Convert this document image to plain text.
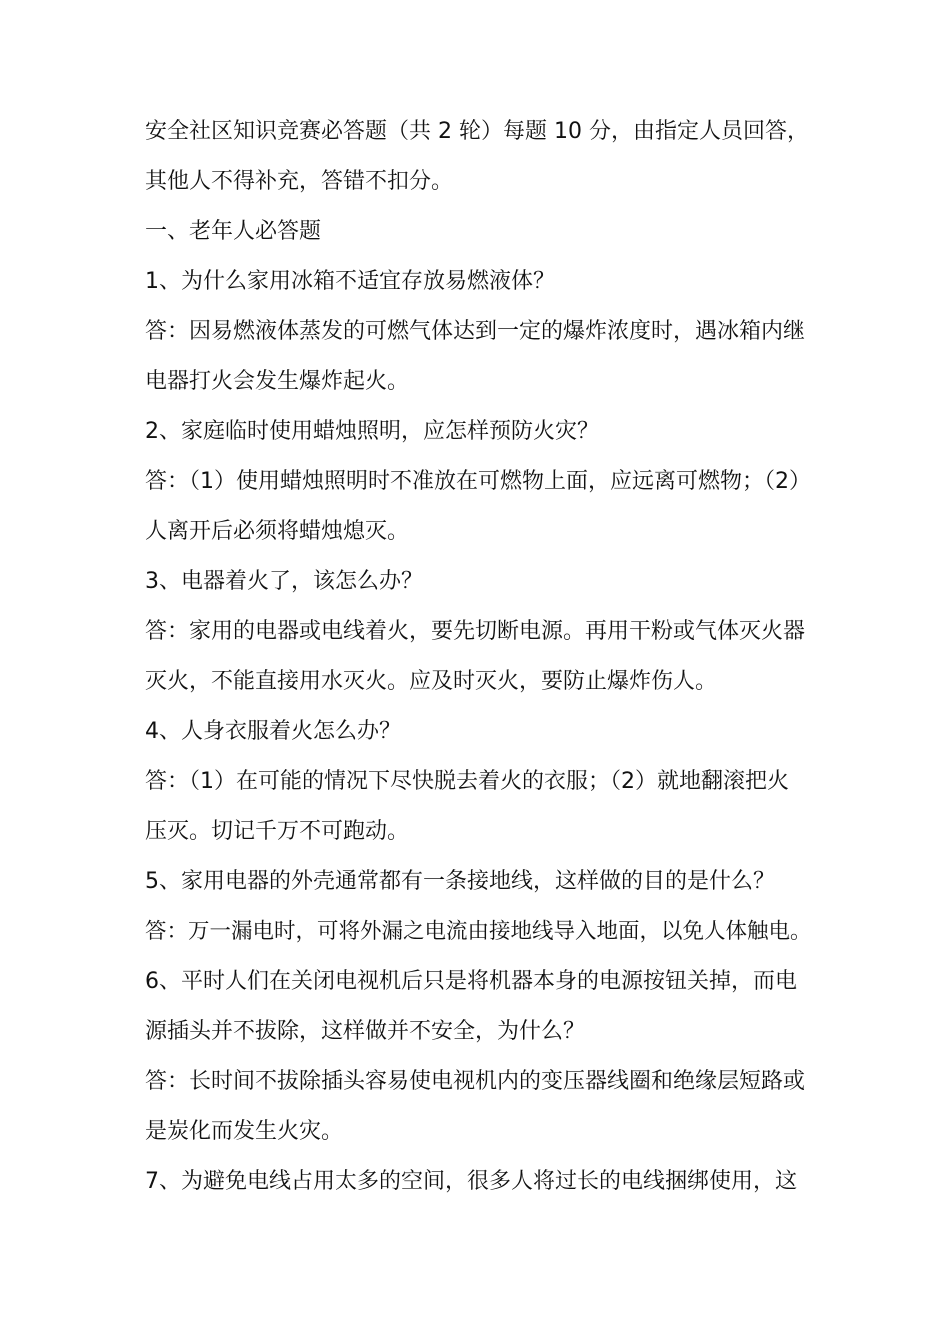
安全社区知识竞赛必答题（共 2 轮）每题 10 分，由指定人员回答，
其他人不得补充，答错不扣分。
一、老年人必答题
1、为什么家用冰箱不适宜存放易燃液体？
答：因易燃液体蒸发的可燃气体达到一定的爆炸浓度时，遇冰箱内继
电器打火会发生爆炸起火。
2、家庭临时使用蜡烛照明，应怎样预防火灾？
答：（1）使用蜡烛照明时不准放在可燃物上面，应远离可燃物；（2）
人离开后必须将蜡烛熄灭。
3、电器着火了，该怎么办？
答：家用的电器或电线着火，要先切断电源。再用干粉或气体灭火器
灭火，不能直接用水灭火。应及时灭火，要防止爆炸伤人。
4、人身衣服着火怎么办？
答：（1）在可能的情况下尽快脱去着火的衣服；（2）就地翻滚把火
压灭。切记千万不可跑动。
5、家用电器的外壳通常都有一条接地线，这样做的目的是什么？
答：万一漏电时，可将外漏之电流由接地线导入地面，以免人体触电。
6、平时人们在关闭电视机后只是将机器本身的电源按钮关掉，而电
源插头并不拔除，这样做并不安全，为什么？
答：长时间不拔除插头容易使电视机内的变压器线圈和绝缘层短路或
是炭化而发生火灾。
7、为避免电线占用太多的空间，很多人将过长的电线捆绑使用，这
